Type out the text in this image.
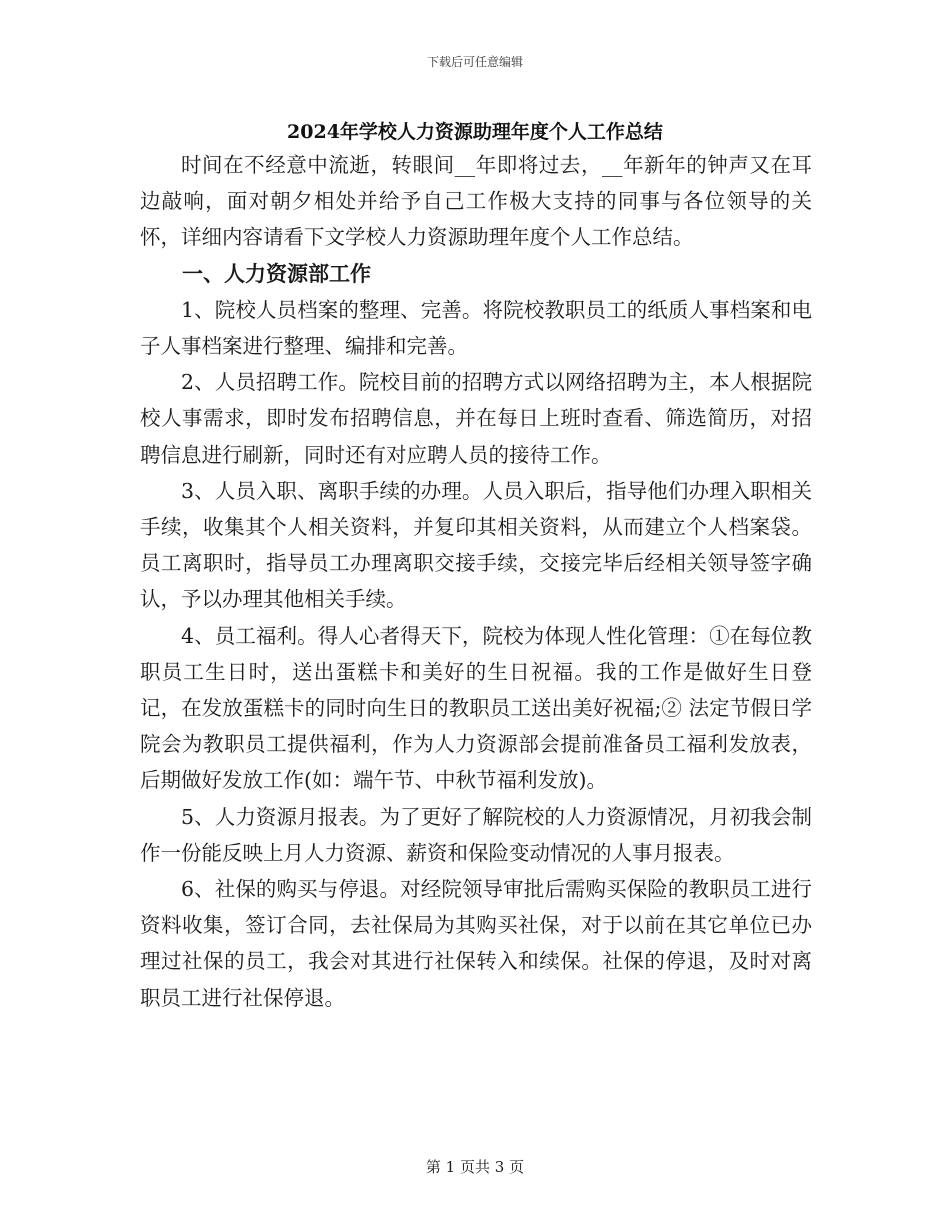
下载后可任意编辑
2024年学校人力资源助理年度个人工作总结

时间在不经意中流逝，转眼间__年即将过去，__年新年的钟声又在耳边敲响，面对朝夕相处并给予自己工作极大支持的同事与各位领导的关怀，详细内容请看下文学校人力资源助理年度个人工作总结。

一、人力资源部工作

1、院校人员档案的整理、完善。将院校教职员工的纸质人事档案和电子人事档案进行整理、编排和完善。

2、人员招聘工作。院校目前的招聘方式以网络招聘为主，本人根据院校人事需求，即时发布招聘信息，并在每日上班时查看、筛选简历，对招聘信息进行刷新，同时还有对应聘人员的接待工作。

3、人员入职、离职手续的办理。人员入职后，指导他们办理入职相关手续，收集其个人相关资料，并复印其相关资料，从而建立个人档案袋。员工离职时，指导员工办理离职交接手续，交接完毕后经相关领导签字确认，予以办理其他相关手续。

4、员工福利。得人心者得天下，院校为体现人性化管理：①在每位教职员工生日时，送出蛋糕卡和美好的生日祝福。我的工作是做好生日登记，在发放蛋糕卡的同时向生日的教职员工送出美好祝福;② 法定节假日学院会为教职员工提供福利，作为人力资源部会提前准备员工福利发放表，后期做好发放工作(如：端午节、中秋节福利发放)。

5、人力资源月报表。为了更好了解院校的人力资源情况，月初我会制作一份能反映上月人力资源、薪资和保险变动情况的人事月报表。

6、社保的购买与停退。对经院领导审批后需购买保险的教职员工进行资料收集，签订合同，去社保局为其购买社保，对于以前在其它单位已办理过社保的员工，我会对其进行社保转入和续保。社保的停退，及时对离职员工进行社保停退。

第 1 页共 3 页
